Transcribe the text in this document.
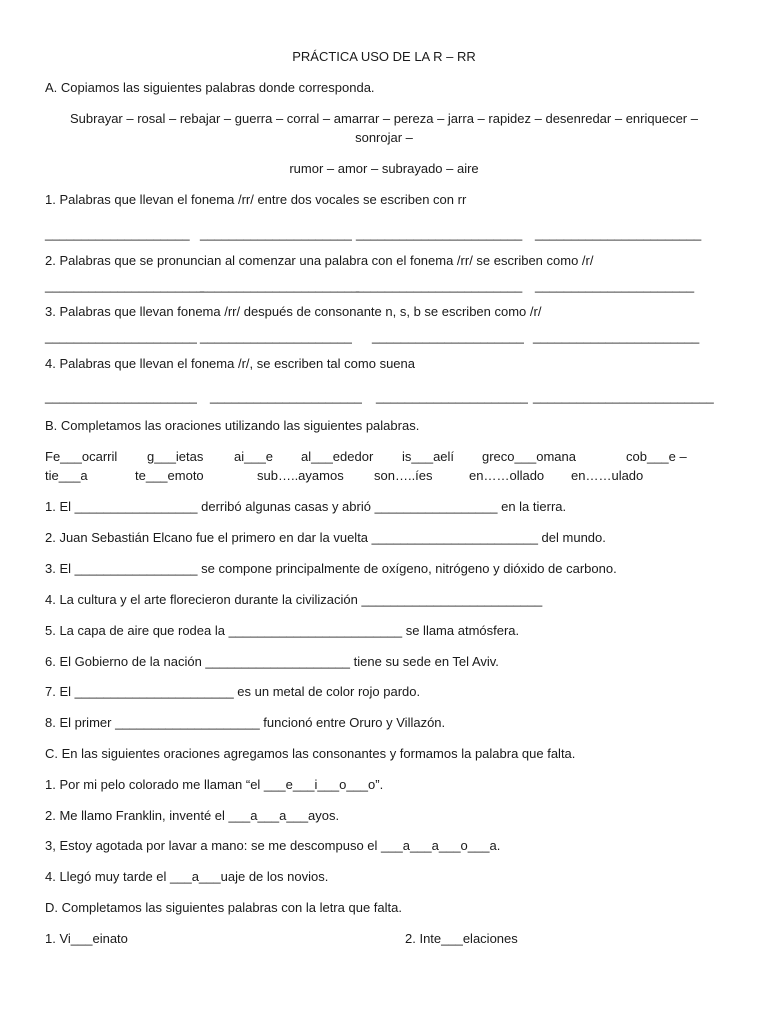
PRÁCTICA USO DE LA R – RR
A. Copiamos las siguientes palabras donde corresponda.
Subrayar – rosal – rebajar – guerra – corral – amarrar – pereza – jarra – rapidez – desenredar – enriquecer –
sonrojar –
rumor – amor – subrayado – aire
1. Palabras que llevan el fonema /rr/ entre dos vocales se escriben con rr
____________________ _____________________ _______________________ _______________________
2. Palabras que se pronuncian al comenzar una palabra con el fonema /rr/ se escriben como /r/
______________________
______________________
_______________________ ______________________
3. Palabras que llevan fonema /rr/ después de consonante n, s, b se escriben como /r/
_____________________ _____________________ _____________________ _______________________
4. Palabras que llevan el fonema /r/, se escriben tal como suena
_____________________ _____________________ _____________________ _________________________
B. Completamos las oraciones utilizando las siguientes palabras.
Fe___ocarril g___ietas ai___e al___ededor is___aelí greco___omana	cob___e –
tie___a	te___emoto	sub…..ayamos son…..íes	en……ollado en……ulado
1. El _________________ derribó algunas casas y abrió _________________ en la tierra.
2. Juan Sebastián Elcano fue el primero en dar la vuelta _______________________ del mundo.
3. El _________________ se compone principalmente de oxígeno, nitrógeno y dióxido de carbono.
4. La cultura y el arte florecieron durante la civilización _________________________
5. La capa de aire que rodea la ________________________ se llama atmósfera.
6. El Gobierno de la nación ____________________ tiene su sede en Tel Aviv.
7. El ______________________ es un metal de color rojo pardo.
8. El primer ____________________ funcionó entre Oruro y Villazón.
C. En las siguientes oraciones agregamos las consonantes y formamos la palabra que falta.
1. Por mi pelo colorado me llaman “el ___e___i___o___o”.
2. Me llamo Franklin, inventé el ___a___a___ayos.
3, Estoy agotada por lavar a mano: se me descompuso el ___a___a___o___a.
4. Llegó muy tarde el ___a___uaje de los novios.
D. Completamos las siguientes palabras con la letra que falta.
1. Vi___einato	2. Inte___elaciones
